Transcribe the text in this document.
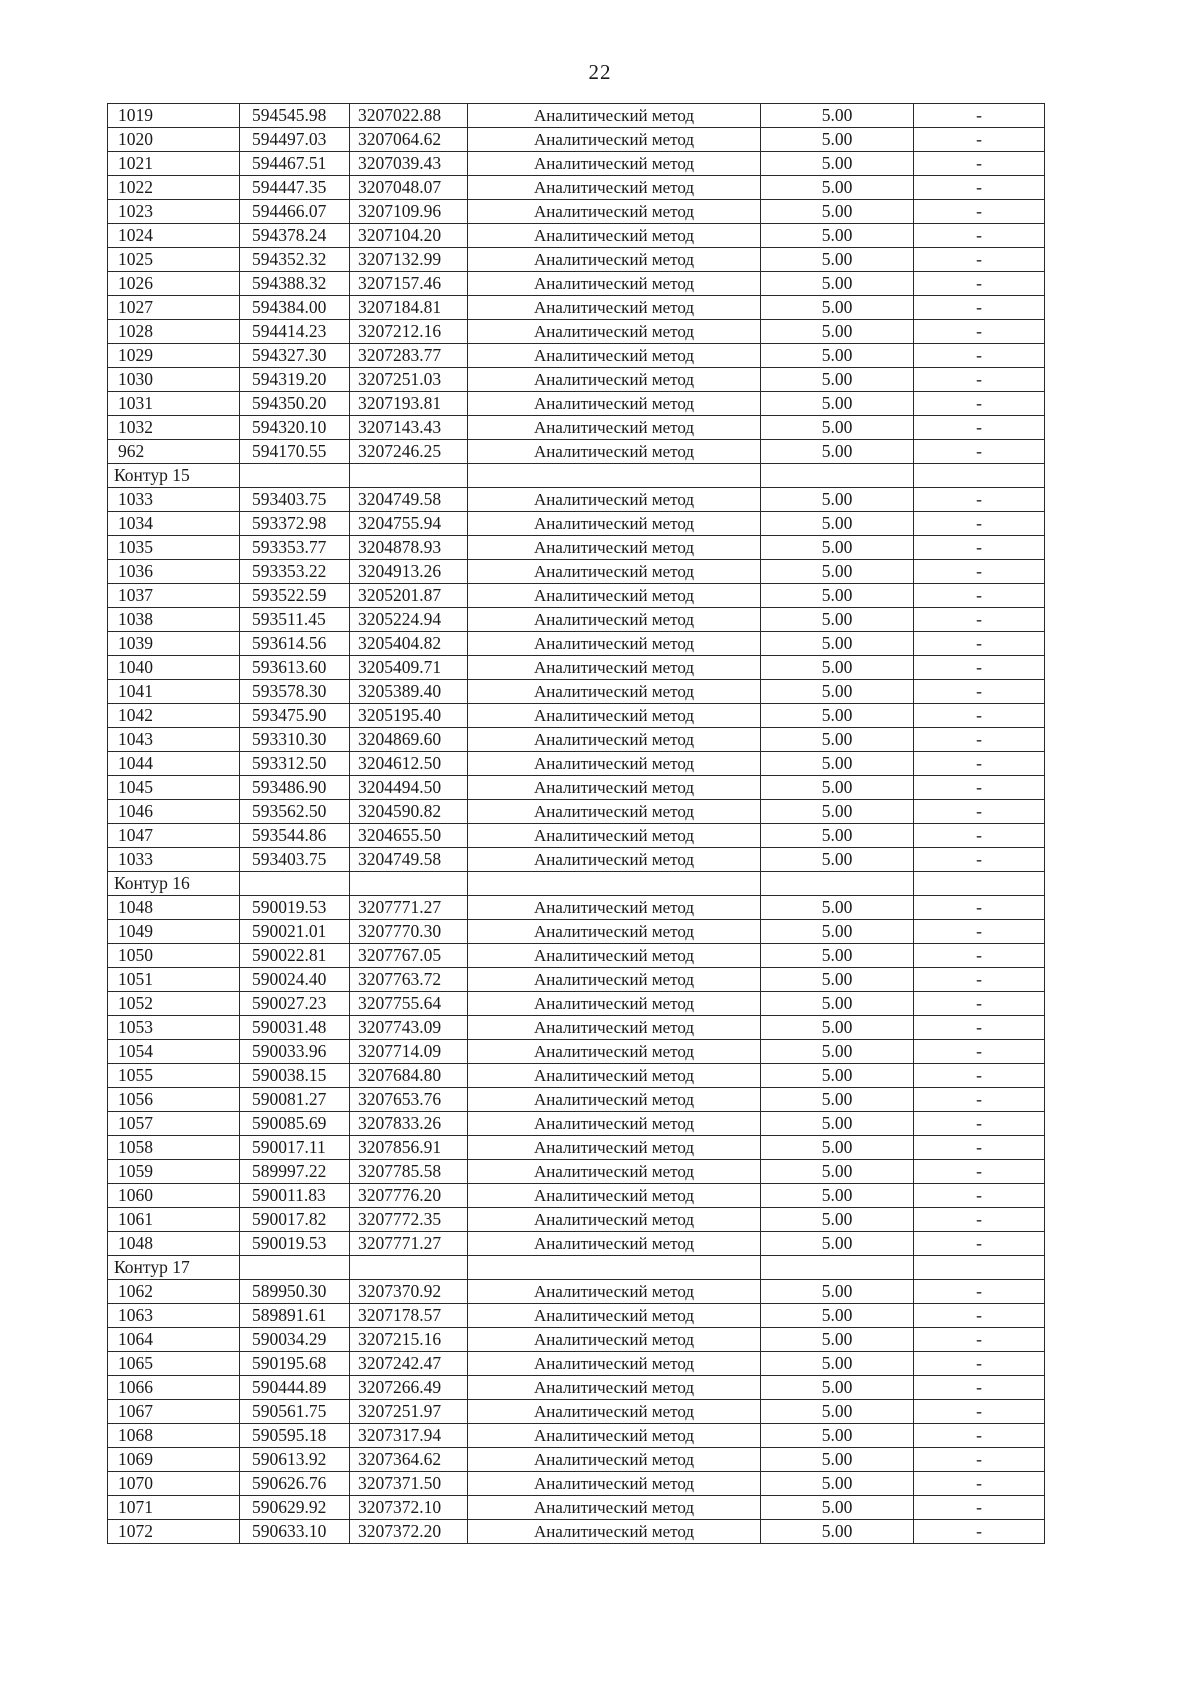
22
1019	594545.98	3207022.88	Аналитический метод	5.00	-
1020	594497.03	3207064.62	Аналитический метод	5.00	-
1021	594467.51	3207039.43	Аналитический метод	5.00	-
1022	594447.35	3207048.07	Аналитический метод	5.00	-
1023	594466.07	3207109.96	Аналитический метод	5.00	-
1024	594378.24	3207104.20	Аналитический метод	5.00	-
1025	594352.32	3207132.99	Аналитический метод	5.00	-
1026	594388.32	3207157.46	Аналитический метод	5.00	-
1027	594384.00	3207184.81	Аналитический метод	5.00	-
1028	594414.23	3207212.16	Аналитический метод	5.00	-
1029	594327.30	3207283.77	Аналитический метод	5.00	-
1030	594319.20	3207251.03	Аналитический метод	5.00	-
1031	594350.20	3207193.81	Аналитический метод	5.00	-
1032	594320.10	3207143.43	Аналитический метод	5.00	-
962	594170.55	3207246.25	Аналитический метод	5.00	-
Контур 15					
1033	593403.75	3204749.58	Аналитический метод	5.00	-
1034	593372.98	3204755.94	Аналитический метод	5.00	-
1035	593353.77	3204878.93	Аналитический метод	5.00	-
1036	593353.22	3204913.26	Аналитический метод	5.00	-
1037	593522.59	3205201.87	Аналитический метод	5.00	-
1038	593511.45	3205224.94	Аналитический метод	5.00	-
1039	593614.56	3205404.82	Аналитический метод	5.00	-
1040	593613.60	3205409.71	Аналитический метод	5.00	-
1041	593578.30	3205389.40	Аналитический метод	5.00	-
1042	593475.90	3205195.40	Аналитический метод	5.00	-
1043	593310.30	3204869.60	Аналитический метод	5.00	-
1044	593312.50	3204612.50	Аналитический метод	5.00	-
1045	593486.90	3204494.50	Аналитический метод	5.00	-
1046	593562.50	3204590.82	Аналитический метод	5.00	-
1047	593544.86	3204655.50	Аналитический метод	5.00	-
1033	593403.75	3204749.58	Аналитический метод	5.00	-
Контур 16					
1048	590019.53	3207771.27	Аналитический метод	5.00	-
1049	590021.01	3207770.30	Аналитический метод	5.00	-
1050	590022.81	3207767.05	Аналитический метод	5.00	-
1051	590024.40	3207763.72	Аналитический метод	5.00	-
1052	590027.23	3207755.64	Аналитический метод	5.00	-
1053	590031.48	3207743.09	Аналитический метод	5.00	-
1054	590033.96	3207714.09	Аналитический метод	5.00	-
1055	590038.15	3207684.80	Аналитический метод	5.00	-
1056	590081.27	3207653.76	Аналитический метод	5.00	-
1057	590085.69	3207833.26	Аналитический метод	5.00	-
1058	590017.11	3207856.91	Аналитический метод	5.00	-
1059	589997.22	3207785.58	Аналитический метод	5.00	-
1060	590011.83	3207776.20	Аналитический метод	5.00	-
1061	590017.82	3207772.35	Аналитический метод	5.00	-
1048	590019.53	3207771.27	Аналитический метод	5.00	-
Контур 17					
1062	589950.30	3207370.92	Аналитический метод	5.00	-
1063	589891.61	3207178.57	Аналитический метод	5.00	-
1064	590034.29	3207215.16	Аналитический метод	5.00	-
1065	590195.68	3207242.47	Аналитический метод	5.00	-
1066	590444.89	3207266.49	Аналитический метод	5.00	-
1067	590561.75	3207251.97	Аналитический метод	5.00	-
1068	590595.18	3207317.94	Аналитический метод	5.00	-
1069	590613.92	3207364.62	Аналитический метод	5.00	-
1070	590626.76	3207371.50	Аналитический метод	5.00	-
1071	590629.92	3207372.10	Аналитический метод	5.00	-
1072	590633.10	3207372.20	Аналитический метод	5.00	-
